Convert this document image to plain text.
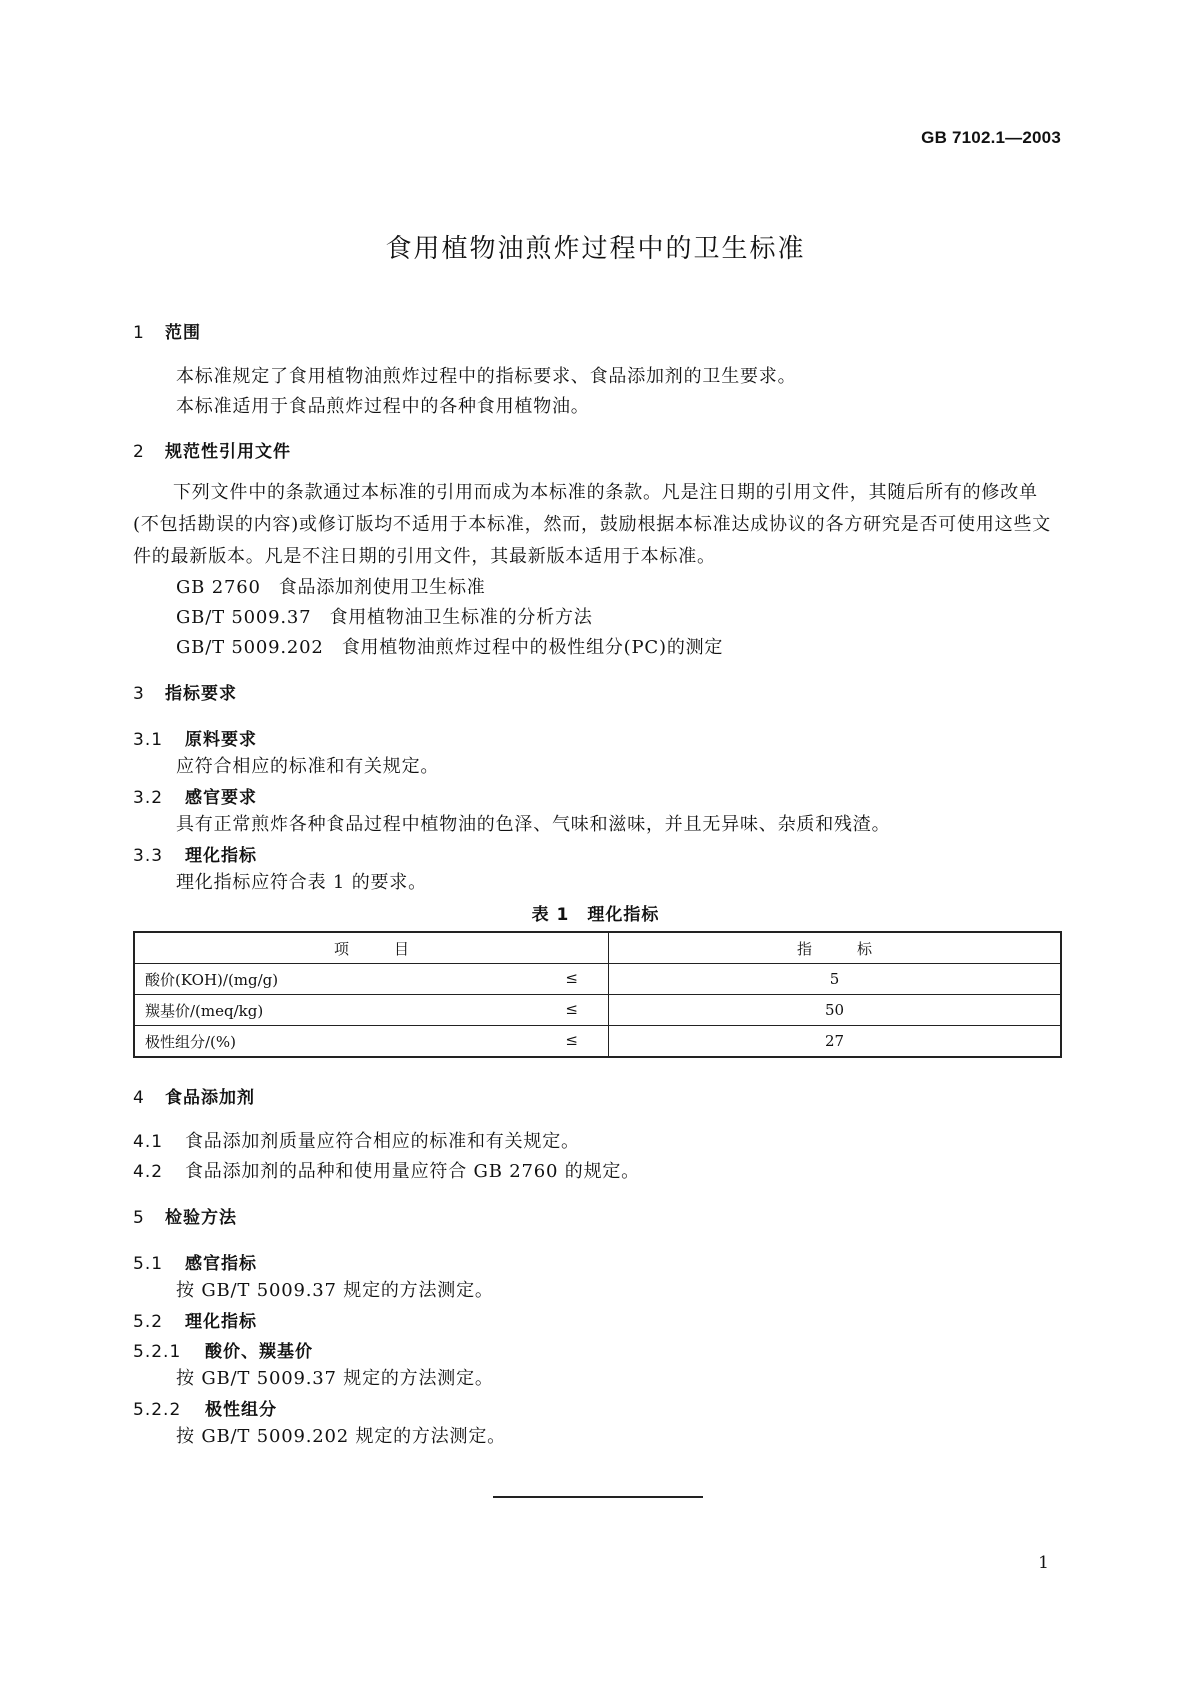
GB 7102.1—2003
食用植物油煎炸过程中的卫生标准
1 范围
本标准规定了食用植物油煎炸过程中的指标要求、食品添加剂的卫生要求。
本标准适用于食品煎炸过程中的各种食用植物油。
2 规范性引用文件
下列文件中的条款通过本标准的引用而成为本标准的条款。凡是注日期的引用文件，其随后所有的修改单(不包括勘误的内容)或修订版均不适用于本标准，然而，鼓励根据本标准达成协议的各方研究是否可使用这些文件的最新版本。凡是不注日期的引用文件，其最新版本适用于本标准。
GB 2760 食品添加剂使用卫生标准
GB/T 5009.37 食用植物油卫生标准的分析方法
GB/T 5009.202 食用植物油煎炸过程中的极性组分(PC)的测定
3 指标要求
3.1 原料要求
应符合相应的标准和有关规定。
3.2 感官要求
具有正常煎炸各种食品过程中植物油的色泽、气味和滋味，并且无异味、杂质和残渣。
3.3 理化指标
理化指标应符合表 1 的要求。
表 1　理化指标
项　　　目	指　　　标
酸价(KOH)/(mg/g) ≤	5
羰基价/(meq/kg) ≤	50
极性组分/(%) ≤	27
4 食品添加剂
4.1 食品添加剂质量应符合相应的标准和有关规定。
4.2 食品添加剂的品种和使用量应符合 GB 2760 的规定。
5 检验方法
5.1 感官指标
按 GB/T 5009.37 规定的方法测定。
5.2 理化指标
5.2.1 酸价、羰基价
按 GB/T 5009.37 规定的方法测定。
5.2.2 极性组分
按 GB/T 5009.202 规定的方法测定。
1
